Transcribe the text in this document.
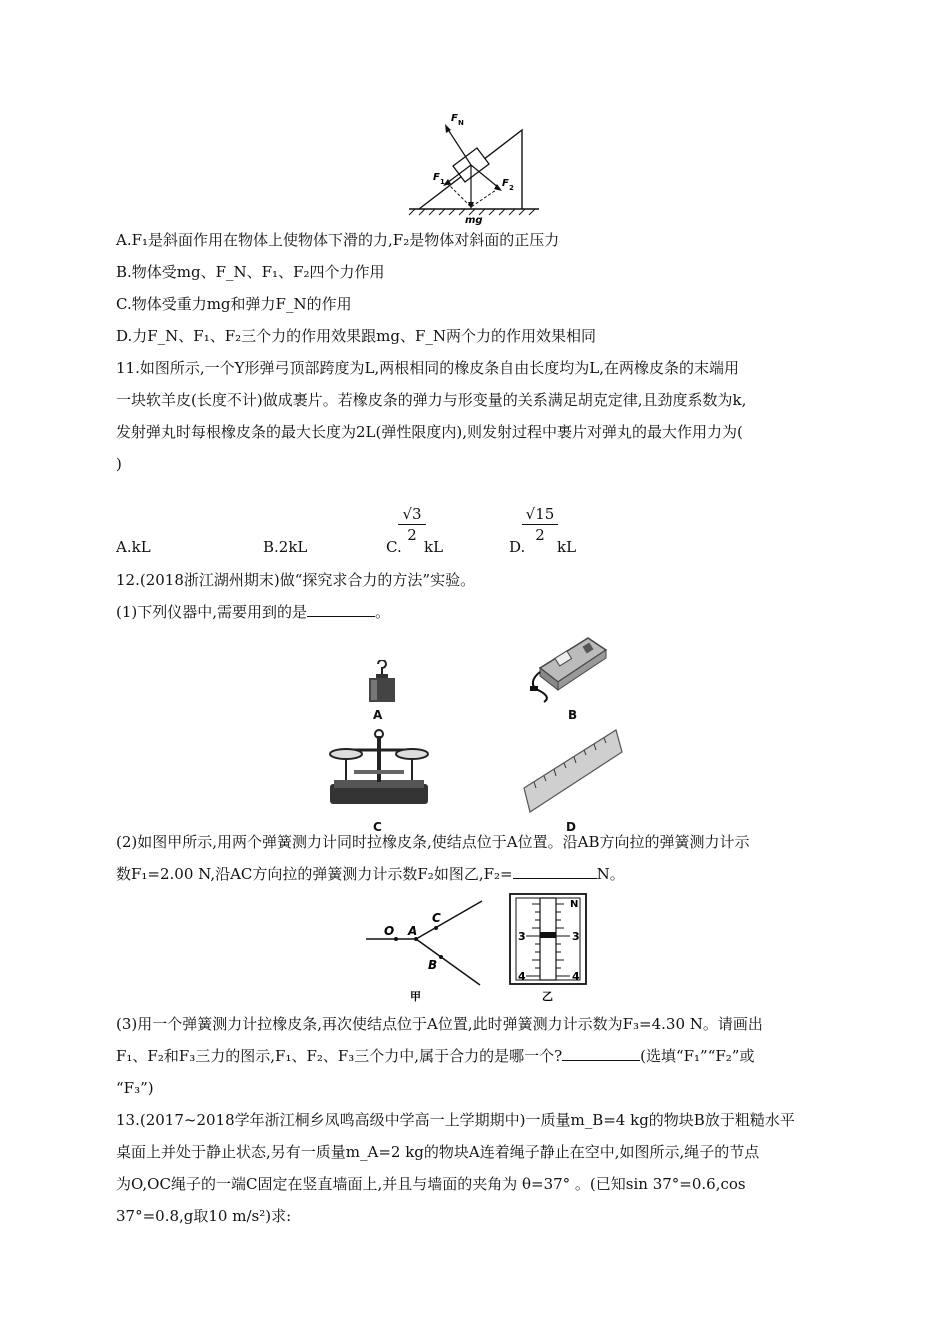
F N
F 1	F 2
mg
A.F₁是斜面作用在物体上使物体下滑的力,F₂是物体对斜面的正压力
B.物体受mg、F_N、F₁、F₂四个力作用
C.物体受重力mg和弹力F_N的作用
D.力F_N、F₁、F₂三个力的作用效果跟mg、F_N两个力的作用效果相同
11.如图所示,一个Y形弹弓顶部跨度为L,两根相同的橡皮条自由长度均为L,在两橡皮条的末端用
一块软羊皮(长度不计)做成裹片。若橡皮条的弹力与形变量的关系满足胡克定律,且劲度系数为k,
发射弹丸时每根橡皮条的最大长度为2L(弹性限度内),则发射过程中裹片对弹丸的最大作用力为(
)
A.kL	B.2kL	C.
$\frac{√3}{2}$
kL	D.
$\frac{√15}{2}$
kL
12.(2018浙江湖州期末)做“探究求合力的方法”实验。
(1)下列仪器中,需要用到的是	。
A	B
C	D
(2)如图甲所示,用两个弹簧测力计同时拉橡皮条,使结点位于A位置。沿AB方向拉的弹簧测力计示
数F₁=2.00 N,沿AC方向拉的弹簧测力计示数F₂如图乙,F₂=	N。
O A
C
B
甲
N
3	3
4	4
乙
(3)用一个弹簧测力计拉橡皮条,再次使结点位于A位置,此时弹簧测力计示数为F₃=4.30 N。请画出
F₁、F₂和F₃三力的图示,F₁、F₂、F₃三个力中,属于合力的是哪一个?	(选填“F₁”“F₂”或
“F₃”)
13.(2017~2018学年浙江桐乡凤鸣高级中学高一上学期期中)一质量m_B=4 kg的物块B放于粗糙水平
桌面上并处于静止状态,另有一质量m_A=2 kg的物块A连着绳子静止在空中,如图所示,绳子的节点
为O,OC绳子的一端C固定在竖直墙面上,并且与墙面的夹角为 θ=37° 。(已知sin 37°=0.6,cos
37°=0.8,g取10 m/s²)求:
